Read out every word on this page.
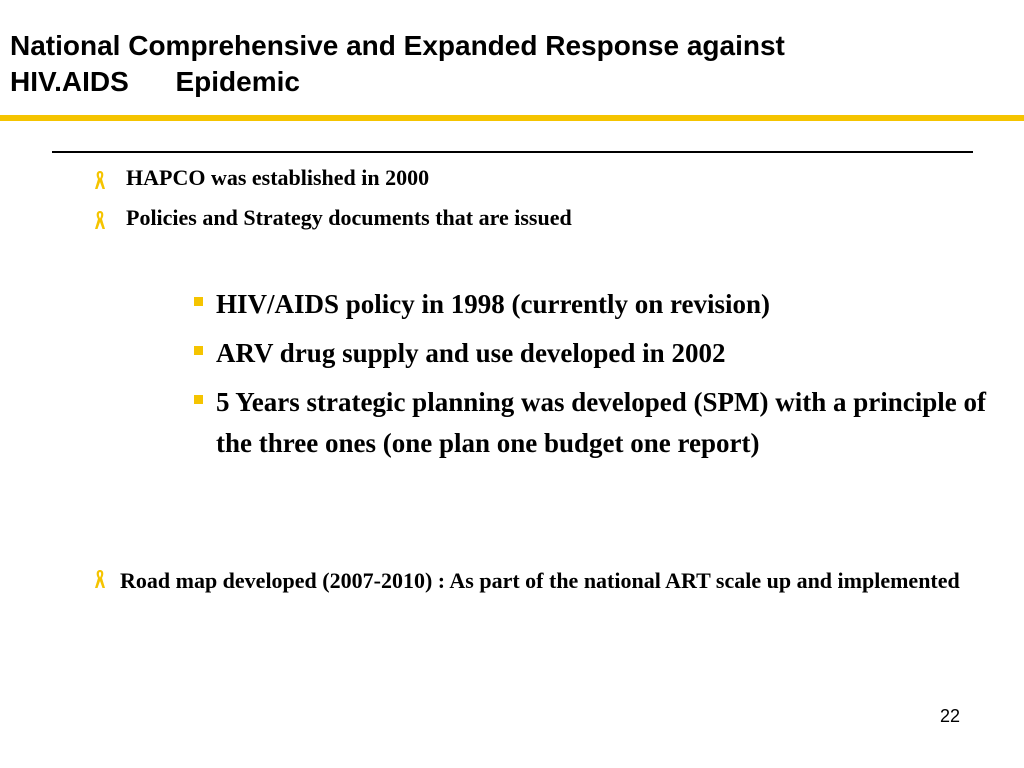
National Comprehensive and Expanded Response against
HIV.AIDS      Epidemic
HAPCO was established in 2000
Policies and Strategy documents that are issued
HIV/AIDS policy in 1998 (currently on revision)
ARV drug supply and use developed in 2002
5 Years strategic planning was developed (SPM) with a principle of the three ones (one plan one budget one report)
Road map developed (2007-2010) : As part of the national ART scale up and implemented
22
